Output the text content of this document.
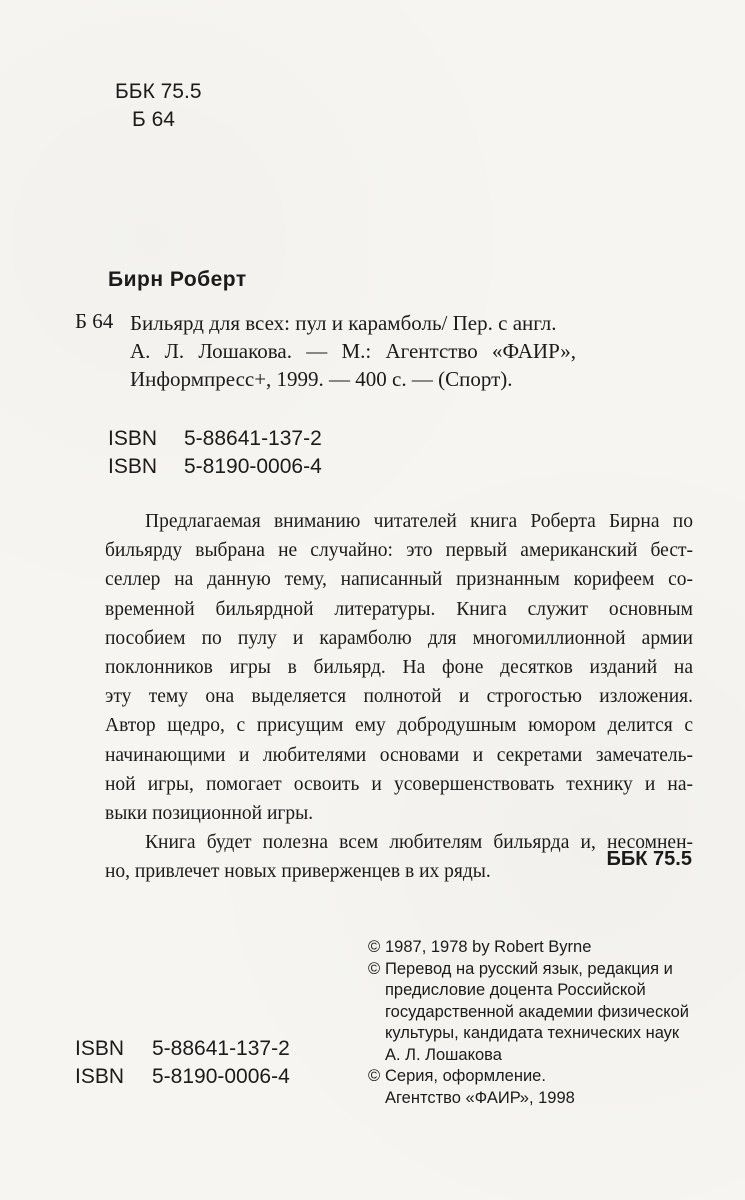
ББК 75.5
Б 64
Бирн Роберт
Б 64 Бильярд для всех: пул и карамболь/ Пер. с англ.
А. Л. Лошакова. — М.: Агентство «ФАИР»,
Информпресс+, 1999. — 400 с. — (Спорт).
ISBN 5-88641-137-2
ISBN 5-8190-0006-4
Предлагаемая вниманию читателей книга Роберта Бирна по
бильярду выбрана не случайно: это первый американский бест-
селлер на данную тему, написанный признанным корифеем со-
временной бильярдной литературы. Книга служит основным
пособием по пулу и карамболю для многомиллионной армии
поклонников игры в бильярд. На фоне десятков изданий на
эту тему она выделяется полнотой и строгостью изложения.
Автор щедро, с присущим ему добродушным юмором делится с
начинающими и любителями основами и секретами замечатель-
ной игры, помогает освоить и усовершенствовать технику и на-
выки позиционной игры.
Книга будет полезна всем любителям бильярда и, несомнен-
но, привлечет новых приверженцев в их ряды.
ББК 75.5
© 1987, 1978 by Robert Byrne
© Перевод на русский язык, редакция и
предисловие доцента Российской
государственной академии физической
культуры, кандидата технических наук
А. Л. Лошакова
© Серия, оформление.
Агентство «ФАИР», 1998
ISBN 5-88641-137-2
ISBN 5-8190-0006-4
